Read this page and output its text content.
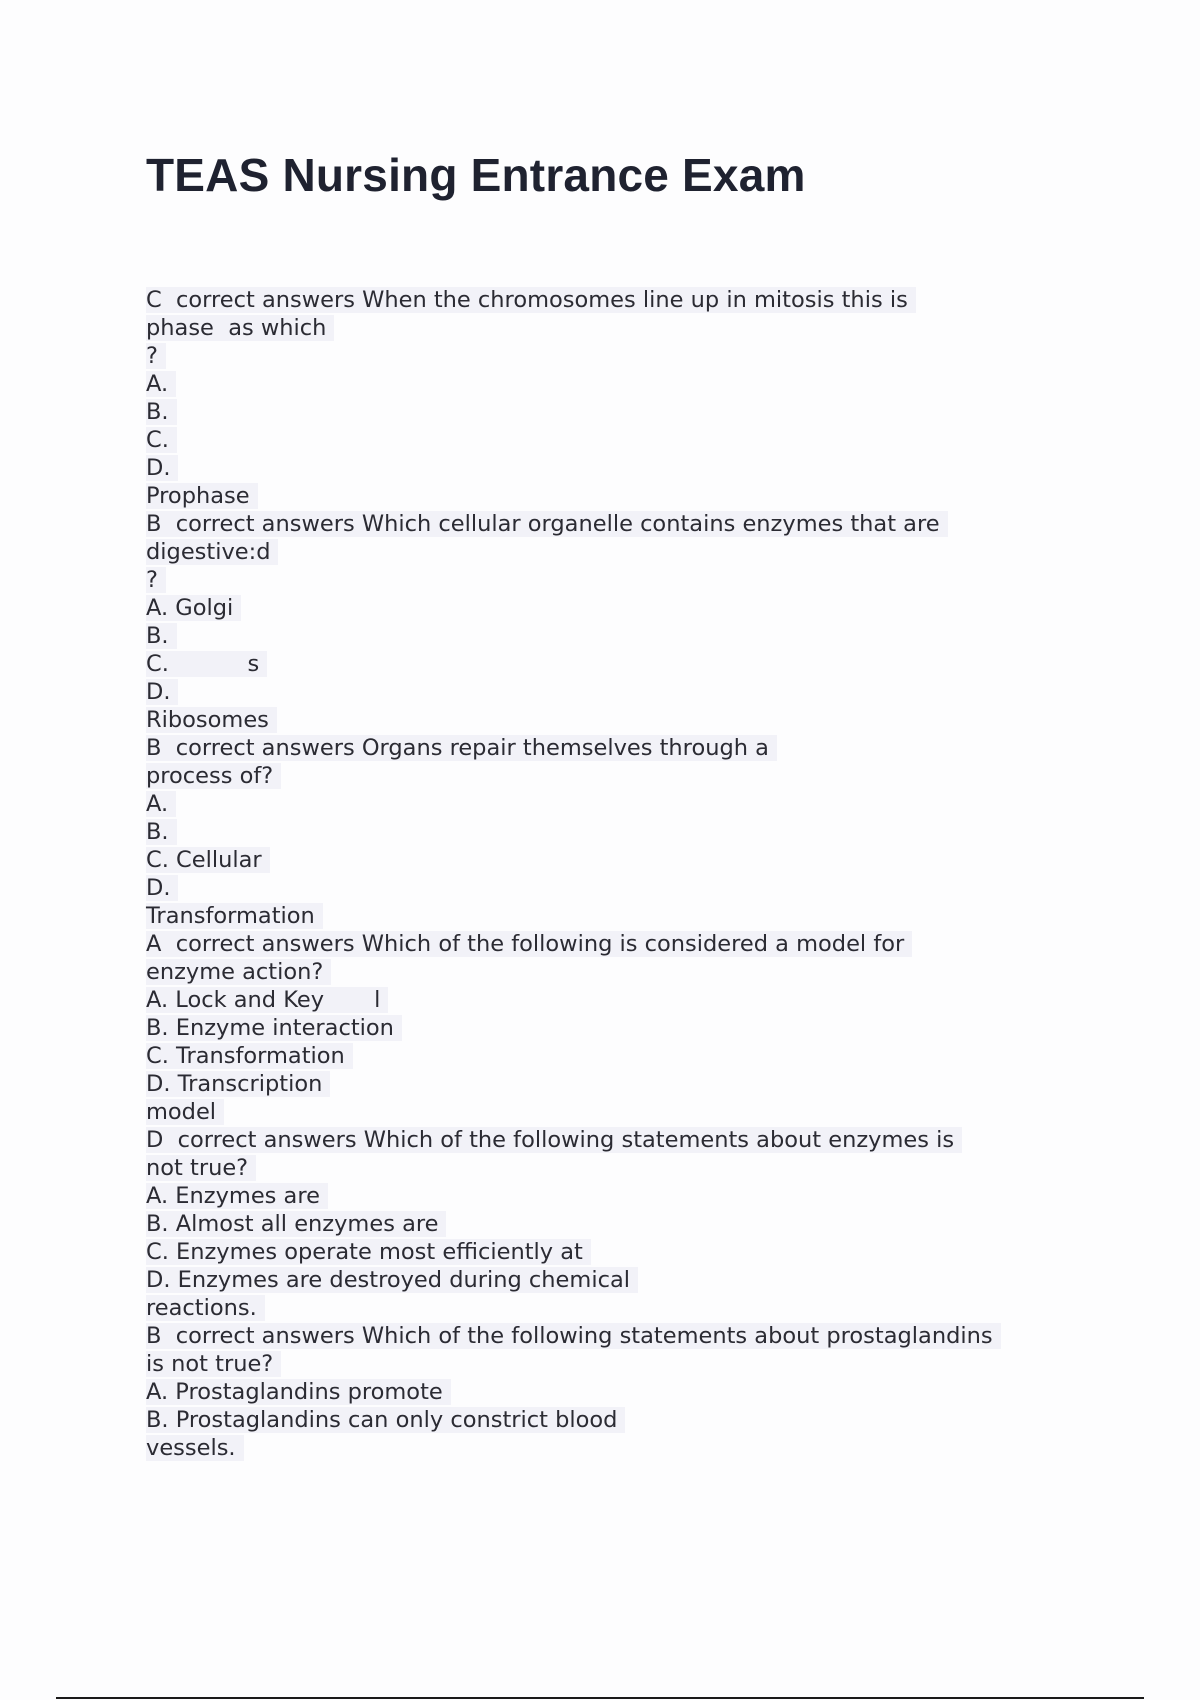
TEAS Nursing Entrance Exam
C  correct answers When the chromosomes line up in mitosis this is
phase  as which
?
A.
B.
C.
D.
Prophase
B  correct answers Which cellular organelle contains enzymes that are
digestive:d
?
A. Golgi
B.
C.           s
D.
Ribosomes
B  correct answers Organs repair themselves through a
process of?
A.
B.
C. Cellular
D.
Transformation
A  correct answers Which of the following is considered a model for
enzyme action?
A. Lock and Key       l
B. Enzyme interaction
C. Transformation
D. Transcription
model
D  correct answers Which of the following statements about enzymes is
not true?
A. Enzymes are
B. Almost all enzymes are
C. Enzymes operate most efficiently at
D. Enzymes are destroyed during chemical
reactions.
B  correct answers Which of the following statements about prostaglandins
is not true?
A. Prostaglandins promote
B. Prostaglandins can only constrict blood
vessels.
